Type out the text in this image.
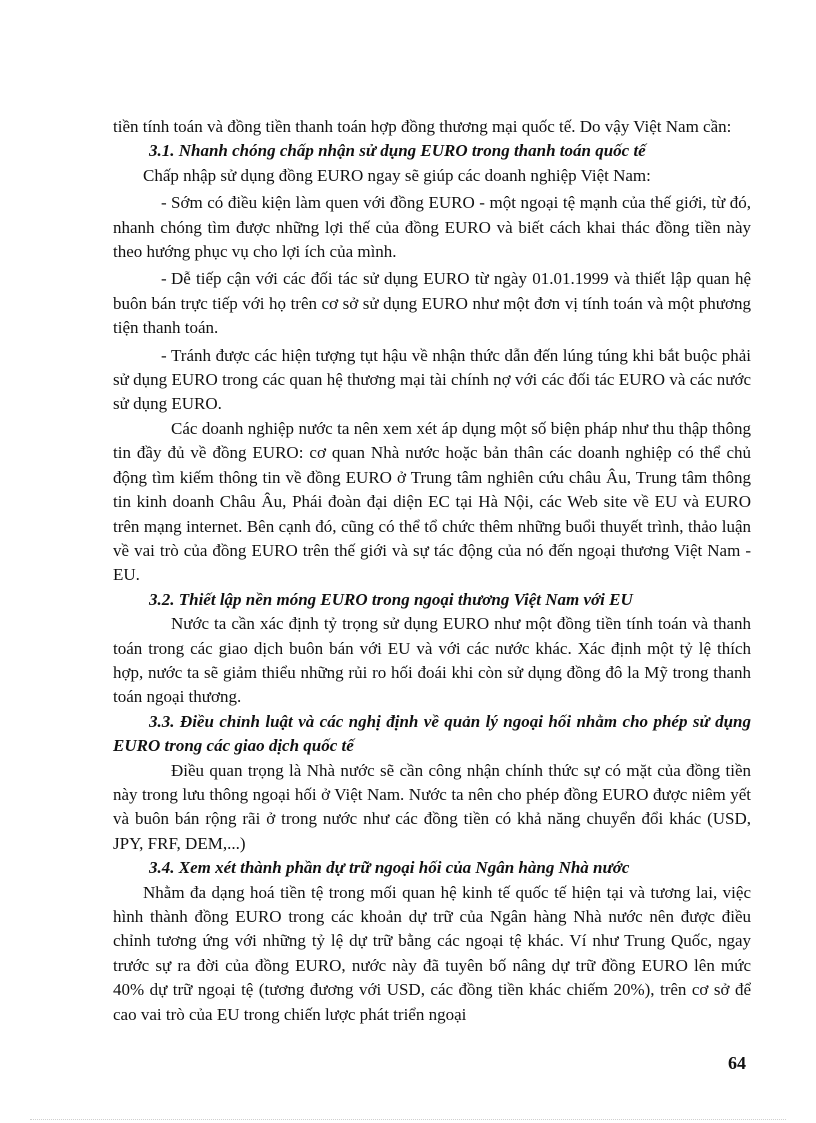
tiền tính toán và đồng tiền thanh toán hợp đồng thương mại quốc tế. Do vậy Việt Nam cần:

3.1. Nhanh chóng chấp nhận sử dụng EURO trong thanh toán quốc tế

Chấp nhập sử dụng đồng EURO ngay sẽ giúp các doanh nghiệp Việt Nam:

- Sớm có điều kiện làm quen với đồng EURO - một ngoại tệ mạnh của thế giới, từ đó, nhanh chóng tìm được những lợi thế của đồng EURO và biết cách khai thác đồng tiền này theo hướng phục vụ cho lợi ích của mình.
- Dễ tiếp cận với các đối tác sử dụng EURO từ ngày 01.01.1999 và thiết lập quan hệ buôn bán trực tiếp với họ trên cơ sở sử dụng EURO như một đơn vị tính toán và một phương tiện thanh toán.
- Tránh được các hiện tượng tụt hậu về nhận thức dẫn đến lúng túng khi bắt buộc phải sử dụng EURO trong các quan hệ thương mại tài chính nợ với các đối tác EURO và các nước sử dụng EURO.

Các doanh nghiệp nước ta nên xem xét áp dụng một số biện pháp như thu thập thông tin đầy đủ về đồng EURO: cơ quan Nhà nước hoặc bản thân các doanh nghiệp có thể chủ động tìm kiếm thông tin về đồng EURO ở Trung tâm nghiên cứu châu Âu, Trung tâm thông tin kinh doanh Châu Âu, Phái đoàn đại diện EC tại Hà Nội, các Web site về EU và EURO trên mạng internet. Bên cạnh đó, cũng có thể tổ chức thêm những buổi thuyết trình, thảo luận về vai trò của đồng EURO trên thế giới và sự tác động của nó đến ngoại thương Việt Nam - EU.

3.2. Thiết lập nền móng EURO trong ngoại thương Việt Nam với EU

Nước ta cần xác định tỷ trọng sử dụng EURO như một đồng tiền tính toán và thanh toán trong các giao dịch buôn bán với EU và với các nước khác. Xác định một tỷ lệ thích hợp, nước ta sẽ giảm thiểu những rủi ro hối đoái khi còn sử dụng đồng đô la Mỹ trong thanh toán ngoại thương.

3.3. Điều chỉnh luật và các nghị định về quản lý ngoại hối nhằm cho phép sử dụng EURO trong các giao dịch quốc tế

Điều quan trọng là Nhà nước sẽ cần công nhận chính thức sự có mặt của đồng tiền này trong lưu thông ngoại hối ở Việt Nam. Nước ta nên cho phép đồng EURO được niêm yết và buôn bán rộng rãi ở trong nước như các đồng tiền có khả năng chuyển đổi khác (USD, JPY, FRF, DEM,...)

3.4. Xem xét thành phần dự trữ ngoại hối của Ngân hàng Nhà nước

Nhằm đa dạng hoá tiền tệ trong mối quan hệ kinh tế quốc tế hiện tại và tương lai, việc hình thành đồng EURO trong các khoản dự trữ của Ngân hàng Nhà nước nên được điều chỉnh tương ứng với những tỷ lệ dự trữ bằng các ngoại tệ khác. Ví như Trung Quốc, ngay trước sự ra đời của đồng EURO, nước này đã tuyên bố nâng dự trữ đồng EURO lên mức 40% dự trữ ngoại tệ (tương đương với USD, các đồng tiền khác chiếm 20%), trên cơ sở để cao vai trò của EU trong chiến lược phát triển ngoại

64
